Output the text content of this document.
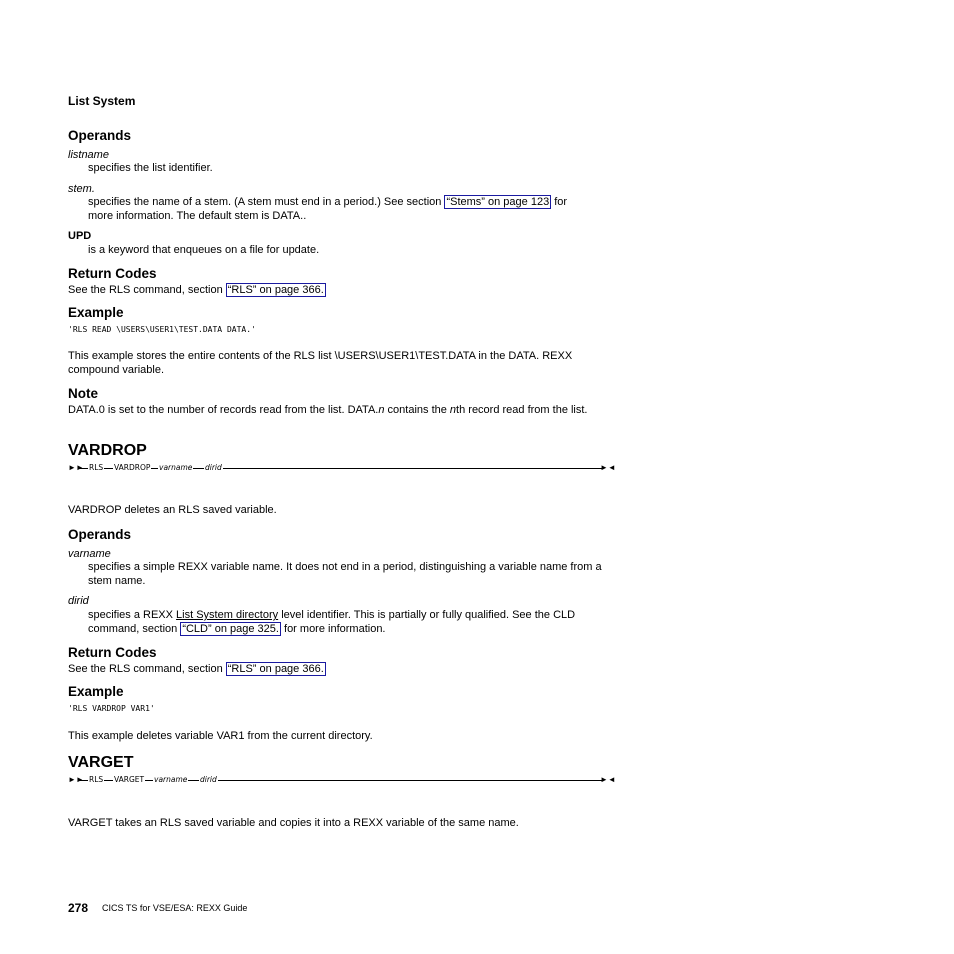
List System
Operands
listname
specifies the list identifier.
stem.
specifies the name of a stem. (A stem must end in a period.) See section “Stems” on page 123 for
more information. The default stem is DATA..
UPD
is a keyword that enqueues on a file for update.
Return Codes
See the RLS command, section “RLS” on page 366.
Example
'RLS READ \USERS\USER1\TEST.DATA DATA.'
This example stores the entire contents of the RLS list \USERS\USER1\TEST.DATA in the DATA. REXX compound variable.
Note
DATA.0 is set to the number of records read from the list. DATA.n contains the nth record read from the list.
VARDROP
►► RLS VARDROP varname dirid	►◄
VARDROP deletes an RLS saved variable.
Operands
varname
specifies a simple REXX variable name. It does not end in a period, distinguishing a variable name from a stem name.
dirid
specifies a REXX List System directory level identifier. This is partially or fully qualified. See the CLD command, section “CLD” on page 325. for more information.
Return Codes
See the RLS command, section “RLS” on page 366.
Example
'RLS VARDROP VAR1'
This example deletes variable VAR1 from the current directory.
VARGET
►► RLS VARGET varname dirid	►◄
VARGET takes an RLS saved variable and copies it into a REXX variable of the same name.
278 CICS TS for VSE/ESA: REXX Guide
